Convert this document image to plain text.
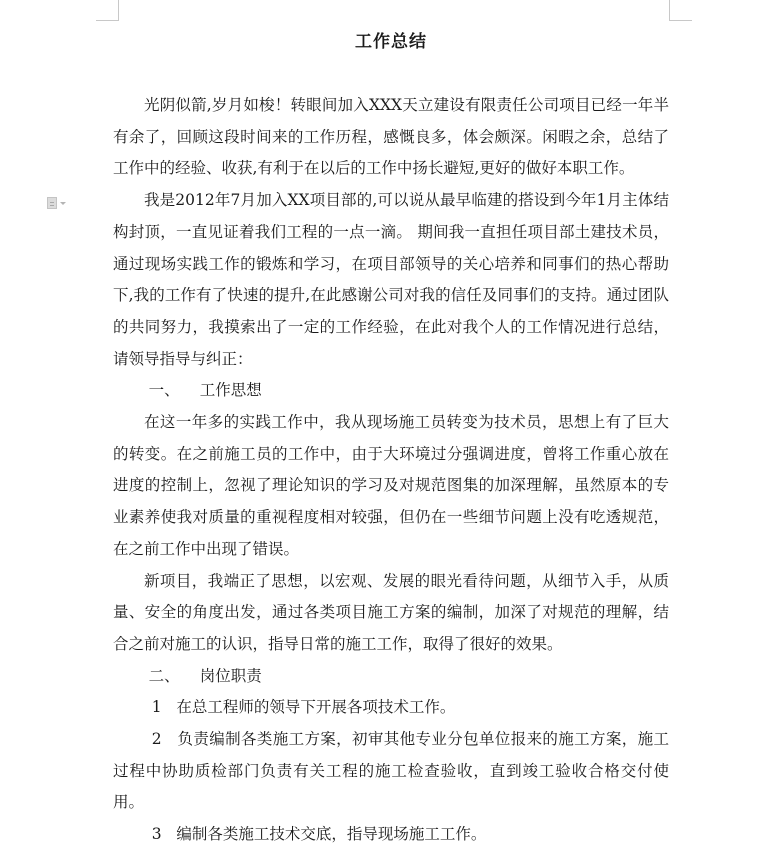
工作总结

光阴似箭,岁月如梭！转眼间加入XXX天立建设有限责任公司项目已经一年半有余了，回顾这段时间来的工作历程，感慨良多，体会颇深。闲暇之余，总结了工作中的经验、收获,有利于在以后的工作中扬长避短,更好的做好本职工作。

我是2012年7月加入XX项目部的,可以说从最早临建的搭设到今年1月主体结构封顶，一直见证着我们工程的一点一滴。 期间我一直担任项目部土建技术员，通过现场实践工作的锻炼和学习，在项目部领导的关心培养和同事们的热心帮助下,我的工作有了快速的提升,在此感谢公司对我的信任及同事们的支持。通过团队的共同努力，我摸索出了一定的工作经验，在此对我个人的工作情况进行总结，请领导指导与纠正：

一、 工作思想

在这一年多的实践工作中，我从现场施工员转变为技术员，思想上有了巨大的转变。在之前施工员的工作中，由于大环境过分强调进度，曾将工作重心放在进度的控制上，忽视了理论知识的学习及对规范图集的加深理解，虽然原本的专业素养使我对质量的重视程度相对较强，但仍在一些细节问题上没有吃透规范，在之前工作中出现了错误。

新项目，我端正了思想，以宏观、发展的眼光看待问题，从细节入手，从质量、安全的角度出发，通过各类项目施工方案的编制，加深了对规范的理解，结合之前对施工的认识，指导日常的施工工作，取得了很好的效果。

二、 岗位职责

1 在总工程师的领导下开展各项技术工作。

2 负责编制各类施工方案，初审其他专业分包单位报来的施工方案，施工过程中协助质检部门负责有关工程的施工检查验收，直到竣工验收合格交付使用。

3 编制各类施工技术交底，指导现场施工工作。
